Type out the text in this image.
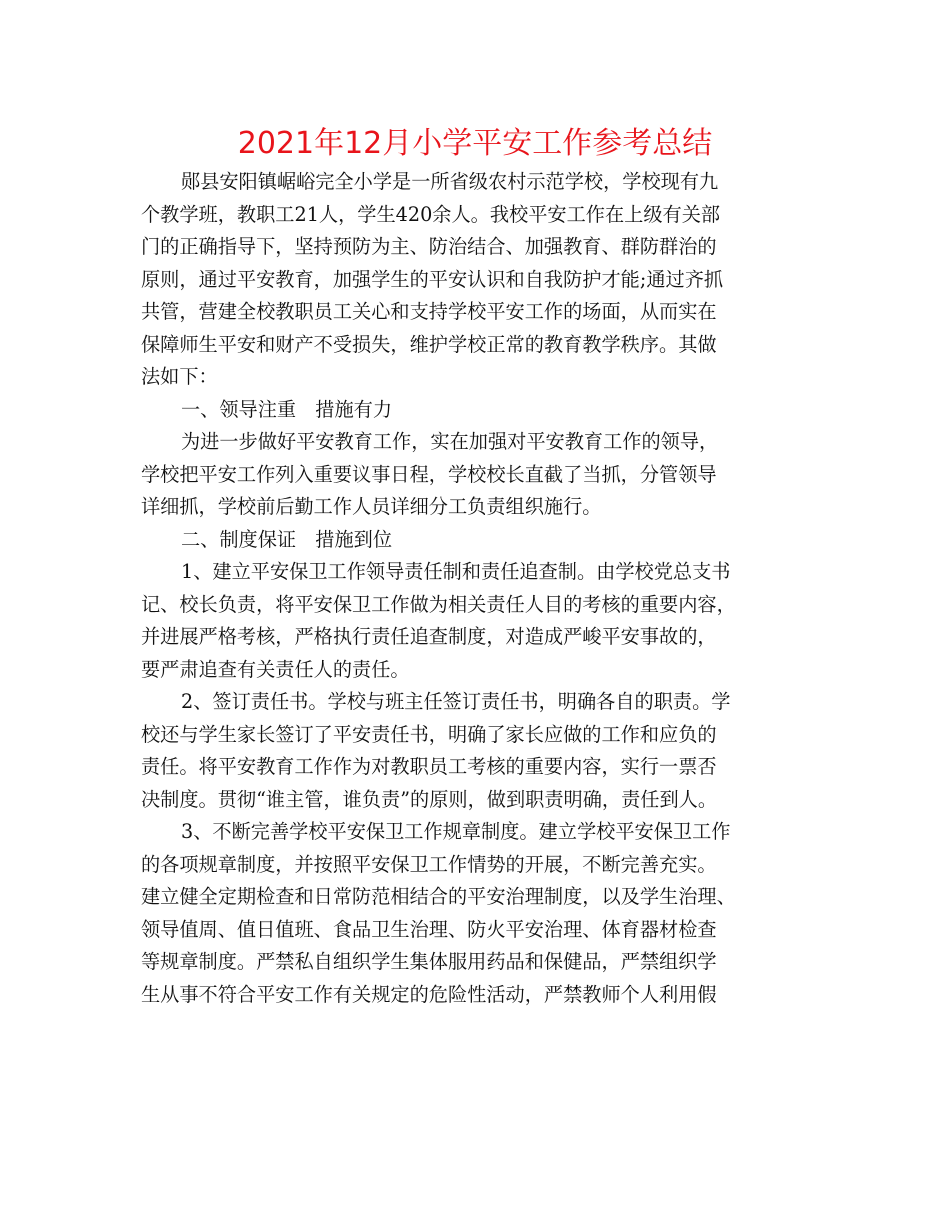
2021年12月小学平安工作参考总结
郧县安阳镇崌峪完全小学是一所省级农村示范学校，学校现有九
个教学班，教职工21人，学生420余人。我校平安工作在上级有关部
门的正确指导下，坚持预防为主、防治结合、加强教育、群防群治的
原则，通过平安教育，加强学生的平安认识和自我防护才能;通过齐抓
共管，营建全校教职员工关心和支持学校平安工作的场面，从而实在
保障师生平安和财产不受损失，维护学校正常的教育教学秩序。其做
法如下：
一、领导注重　措施有力
为进一步做好平安教育工作，实在加强对平安教育工作的领导，
学校把平安工作列入重要议事日程，学校校长直截了当抓，分管领导
详细抓，学校前后勤工作人员详细分工负责组织施行。
二、制度保证　措施到位
1、建立平安保卫工作领导责任制和责任追查制。由学校党总支书
记、校长负责，将平安保卫工作做为相关责任人目的考核的重要内容，
并进展严格考核，严格执行责任追查制度，对造成严峻平安事故的，
要严肃追查有关责任人的责任。
2、签订责任书。学校与班主任签订责任书，明确各自的职责。学
校还与学生家长签订了平安责任书，明确了家长应做的工作和应负的
责任。将平安教育工作作为对教职员工考核的重要内容，实行一票否
决制度。贯彻“谁主管，谁负责”的原则，做到职责明确，责任到人。
3、不断完善学校平安保卫工作规章制度。建立学校平安保卫工作
的各项规章制度，并按照平安保卫工作情势的开展，不断完善充实。
建立健全定期检查和日常防范相结合的平安治理制度，以及学生治理、
领导值周、值日值班、食品卫生治理、防火平安治理、体育器材检查
等规章制度。严禁私自组织学生集体服用药品和保健品，严禁组织学
生从事不符合平安工作有关规定的危险性活动，严禁教师个人利用假
